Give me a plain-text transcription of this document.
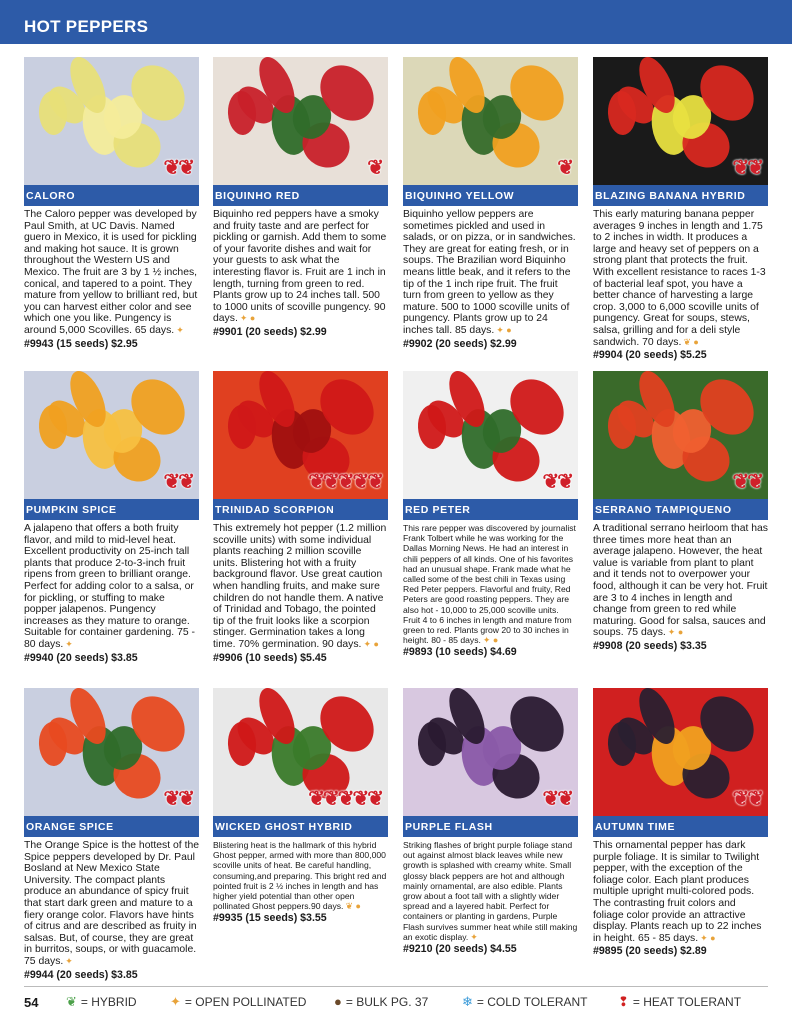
HOT PEPPERS
❦❦
CALORO
The Caloro pepper was developed by Paul Smith, at UC Davis. Named guero in Mexico, it is used for pickling and making hot sauce. It is grown throughout the Western US and Mexico. The fruit are 3 by 1 ½ inches, conical, and tapered to a point. They mature from yellow to brilliant red, but you can harvest either color and see which one you like. Pungency is around 5,000 Scovilles. 65 days. ✦
#9943 (15 seeds) $2.95
❦
BIQUINHO RED
Biquinho red peppers have a smoky and fruity taste and are perfect for pickling or garnish. Add them to some of your favorite dishes and wait for your guests to ask what the interesting flavor is. Fruit are 1 inch in length, turning from green to red. Plants grow up to 24 inches tall. 500 to 1000 units of scoville pungency. 90 days. ✦ ●
#9901 (20 seeds) $2.99
❦
BIQUINHO YELLOW
Biquinho yellow peppers are sometimes pickled and used in salads, or on pizza, or in sandwiches. They are great for eating fresh, or in soups. The Brazilian word Biquinho means little beak, and it refers to the tip of the 1 inch ripe fruit. The fruit turn from green to yellow as they mature. 500 to 1000 scoville units of pungency. Plants grow up to 24 inches tall. 85 days. ✦ ●
#9902 (20 seeds) $2.99
❦❦
BLAZING BANANA HYBRID
This early maturing banana pepper averages 9 inches in length and 1.75 to 2 inches in width. It produces a large and heavy set of peppers on a strong plant that protects the fruit. With excellent resistance to races 1-3 of bacterial leaf spot, you have a better chance of harvesting a large crop. 3,000 to 6,000 scoville units of pungency. Great for soups, stews, salsa, grilling and for a deli style sandwich. 70 days. ❦ ●
#9904 (20 seeds) $5.25
❦❦
PUMPKIN SPICE
A jalapeno that offers a both fruity flavor, and mild to mid-level heat. Excellent productivity on 25-inch tall plants that produce 2-to-3-inch fruit ripens from green to brilliant orange. Perfect for adding color to a salsa, or for pickling, or stuffing to make popper jalapenos. Pungency increases as they mature to orange. Suitable for container gardening. 75 - 80 days. ✦
#9940 (20 seeds) $3.85
❦❦❦❦❦
TRINIDAD SCORPION
This extremely hot pepper (1.2 million scoville units) with some individual plants reaching 2 million scoville units. Blistering hot with a fruity background flavor. Use great caution when handling fruits, and make sure children do not handle them. A native of Trinidad and Tobago, the pointed tip of the fruit looks like a scorpion stinger. Germination takes a long time. 70% germination. 90 days. ✦ ●
#9906 (10 seeds) $5.45
❦❦
RED PETER
This rare pepper was discovered by journalist Frank Tolbert while he was working for the Dallas Morning News. He had an interest in chili peppers of all kinds. One of his favorites had an unusual shape. Frank made what he called some of the best chili in Texas using Red Peter peppers. Flavorful and fruity, Red Peters are good roasting peppers. They are also hot - 10,000 to 25,000 scoville units. Fruit 4 to 6 inches in length and mature from green to red. Plants grow 20 to 30 inches in height. 80 - 85 days. ✦ ●
#9893 (10 seeds) $4.69
❦❦
SERRANO TAMPIQUENO
A traditional serrano heirloom that has three times more heat than an average jalapeno. However, the heat value is variable from plant to plant and it tends not to overpower your food, although it can be very hot. Fruit are 3 to 4 inches in length and change from green to red while maturing. Good for salsa, sauces and soups. 75 days. ✦ ●
#9908 (20 seeds) $3.35
❦❦
ORANGE SPICE
The Orange Spice is the hottest of the Spice peppers developed by Dr. Paul Bosland at New Mexico State University. The compact plants produce an abundance of spicy fruit that start dark green and mature to a fiery orange color. Flavors have hints of citrus and are described as fruity in salsas. But, of course, they are great in burritos, soups, or with guacamole. 75 days. ✦
#9944 (20 seeds) $3.85
❦❦❦❦❦
WICKED GHOST HYBRID
Blistering heat is the hallmark of this hybrid Ghost pepper, armed with more than 800,000 scoville units of heat. Be careful handling, consuming,and preparing. This bright red and pointed fruit is 2 ½ inches in length and has higher yield potential than other open pollinated Ghost peppers.90 days. ❦ ●
#9935 (15 seeds) $3.55
❦❦
PURPLE FLASH
Striking flashes of bright purple foliage stand out against almost black leaves while new growth is splashed with creamy white. Small glossy black peppers are hot and although mainly ornamental, are also edible. Plants grow about a foot tall with a slightly wider spread and a layered habit. Perfect for containers or planting in gardens, Purple Flash survives summer heat while still making an exotic display. ✦
#9210 (20 seeds) $4.55
❦❦
AUTUMN TIME
This ornamental pepper has dark purple foliage. It is similar to Twilight pepper, with the exception of the foliage color. Each plant produces multiple upright multi-colored pods. The contrasting fruit colors and foliage color provide an attractive display. Plants reach up to 22 inches in height. 65 - 85 days. ✦ ●
#9895 (20 seeds) $2.89
54 ❦ = HYBRID	✦ = OPEN POLLINATED ● = BULK PG. 37	❄ = COLD TOLERANT ❢ = HEAT TOLERANT
